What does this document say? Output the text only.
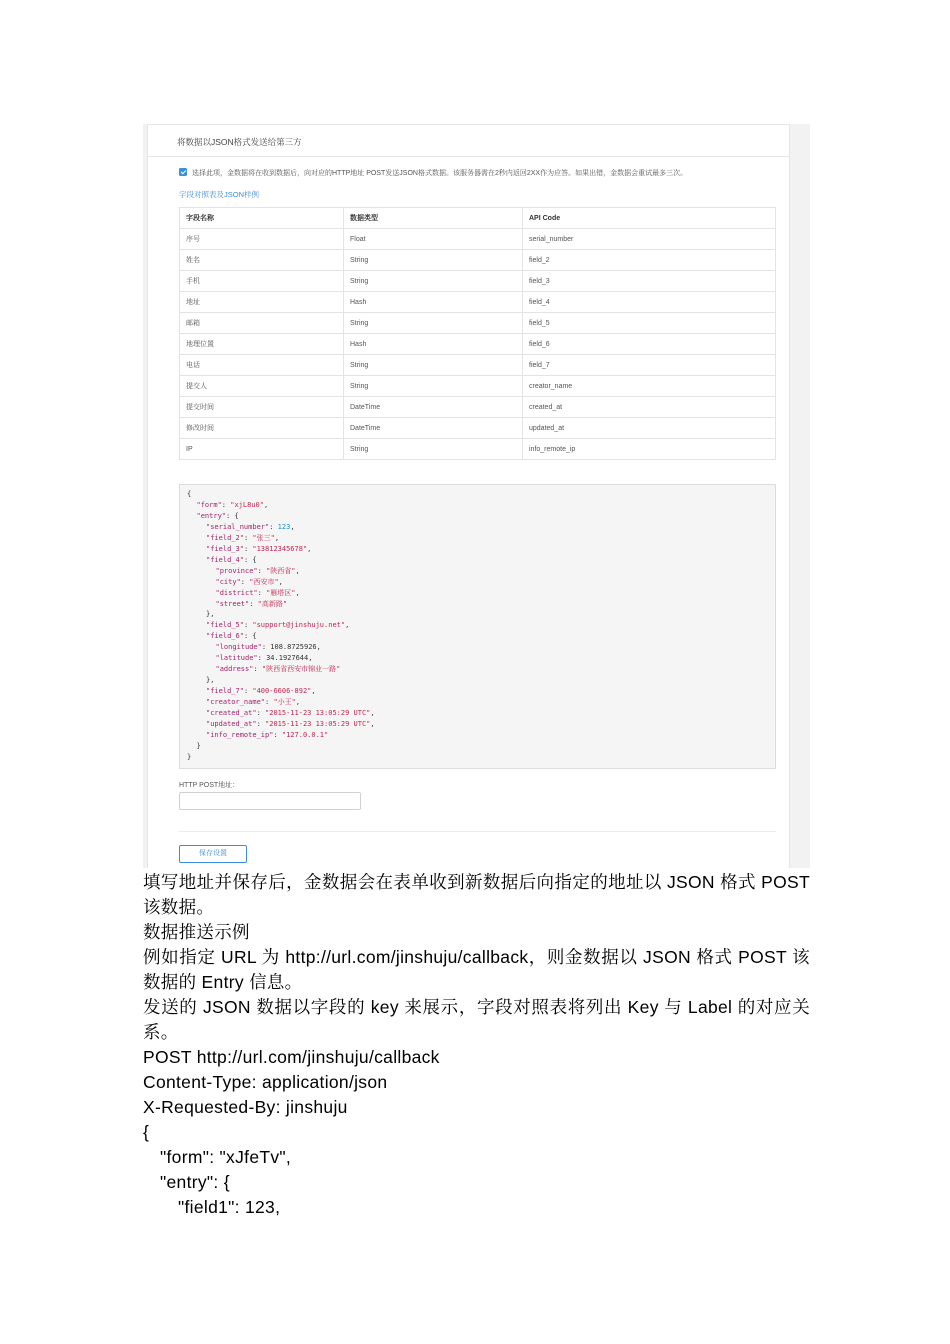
将数据以JSON格式发送给第三方
选择此项，金数据将在收到数据后，向对应的HTTP地址 POST发送JSON格式数据。该服务器需在2秒内返回2XX作为应答。如果出错，金数据会重试最多三次。
字段对照表及JSON样例
字段名称	数据类型	API Code
序号	Float	serial_number
姓名	String	field_2
手机	String	field_3
地址	Hash	field_4
邮箱	String	field_5
地理位置	Hash	field_6
电话	String	field_7
提交人	String	creator_name
提交时间	DateTime	created_at
修改时间	DateTime	updated_at
IP	String	info_remote_ip
{
"form": "xjL8u0",
"entry": {
"serial_number": 123,
"field_2": "张三",
"field_3": "13812345678",
"field_4": {
"province": "陕西省",
"city": "西安市",
"district": "雁塔区",
"street": "高新路"
},
"field_5": "support@jinshuju.net",
"field_6": {
"longitude": 108.8725926,
"latitude": 34.1927644,
"address": "陕西省西安市锦业一路"
},
"field_7": "400-6606-892",
"creator_name": "小王",
"created_at": "2015-11-23 13:05:29 UTC",
"updated_at": "2015-11-23 13:05:29 UTC",
"info_remote_ip": "127.0.0.1"
}
}
HTTP POST地址：
保存设置

填写地址并保存后，金数据会在表单收到新数据后向指定的地址以 JSON 格式 POST 该数据。

数据推送示例

例如指定 URL 为 http://url.com/jinshuju/callback，则金数据以 JSON 格式 POST 该数据的 Entry 信息。

发送的 JSON 数据以字段的 key 来展示，字段对照表将列出 Key 与 Label 的对应关系。

POST http://url.com/jinshuju/callback

Content-Type: application/json

X-Requested-By: jinshuju

{

"form": "xJfeTv",

"entry": {

"field1": 123,
